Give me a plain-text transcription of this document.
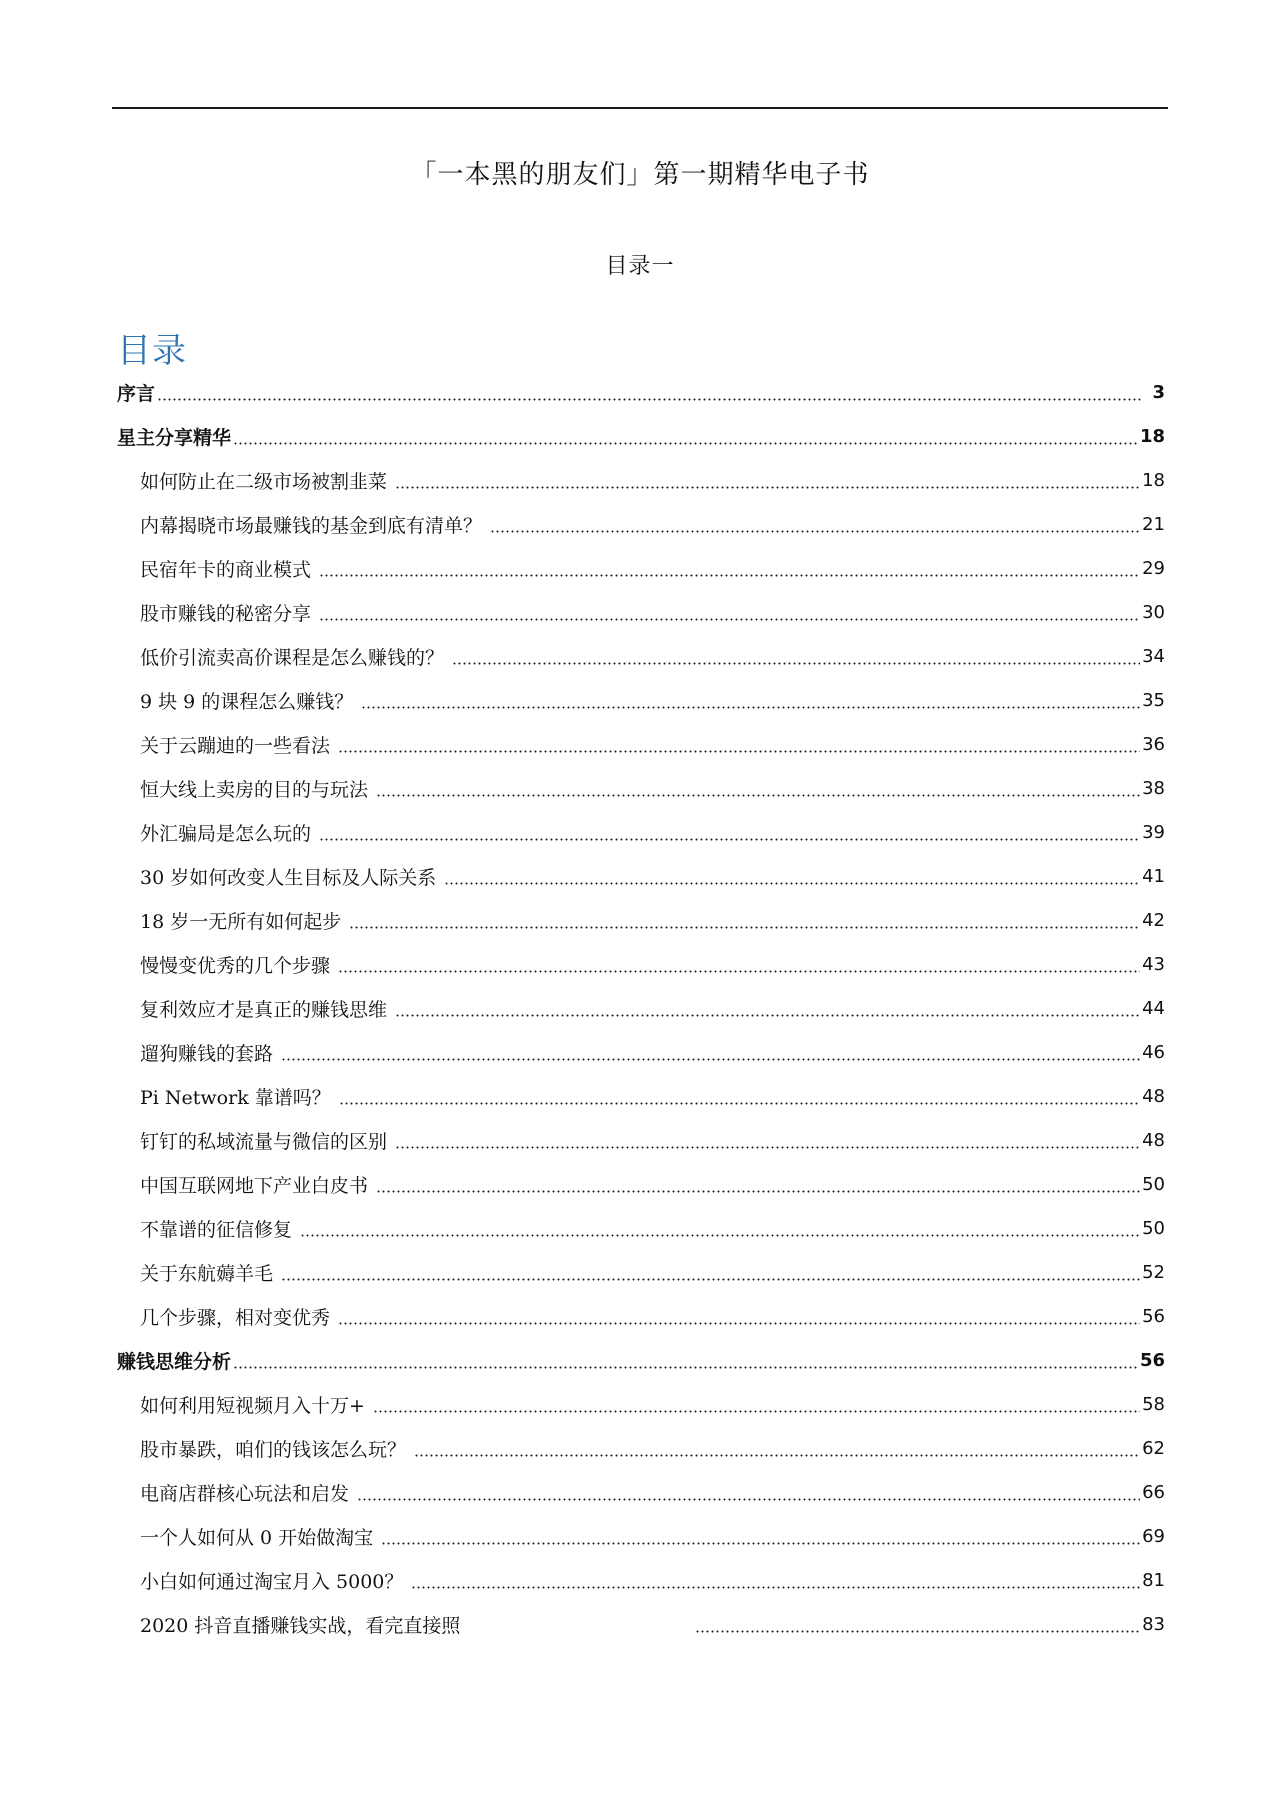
「一本黑的朋友们」第一期精华电子书
目录一
目录
序言	3
星主分享精华	18
如何防止在二级市场被割韭菜	18
内幕揭晓市场最赚钱的基金到底有清单？	21
民宿年卡的商业模式	29
股市赚钱的秘密分享	30
低价引流卖高价课程是怎么赚钱的？	34
9 块 9 的课程怎么赚钱？	35
关于云蹦迪的一些看法	36
恒大线上卖房的目的与玩法	38
外汇骗局是怎么玩的	39
30 岁如何改变人生目标及人际关系	41
18 岁一无所有如何起步	42
慢慢变优秀的几个步骤	43
复利效应才是真正的赚钱思维	44
遛狗赚钱的套路	46
Pi Network 靠谱吗？	48
钉钉的私域流量与微信的区别	48
中国互联网地下产业白皮书	50
不靠谱的征信修复	50
关于东航薅羊毛	52
几个步骤，相对变优秀	56
赚钱思维分析	56
如何利用短视频月入十万+	58
股市暴跌，咱们的钱该怎么玩？	62
电商店群核心玩法和启发	66
一个人如何从 0 开始做淘宝	69
小白如何通过淘宝月入 5000？	81
2020 抖音直播赚钱实战，看完直接照	83
